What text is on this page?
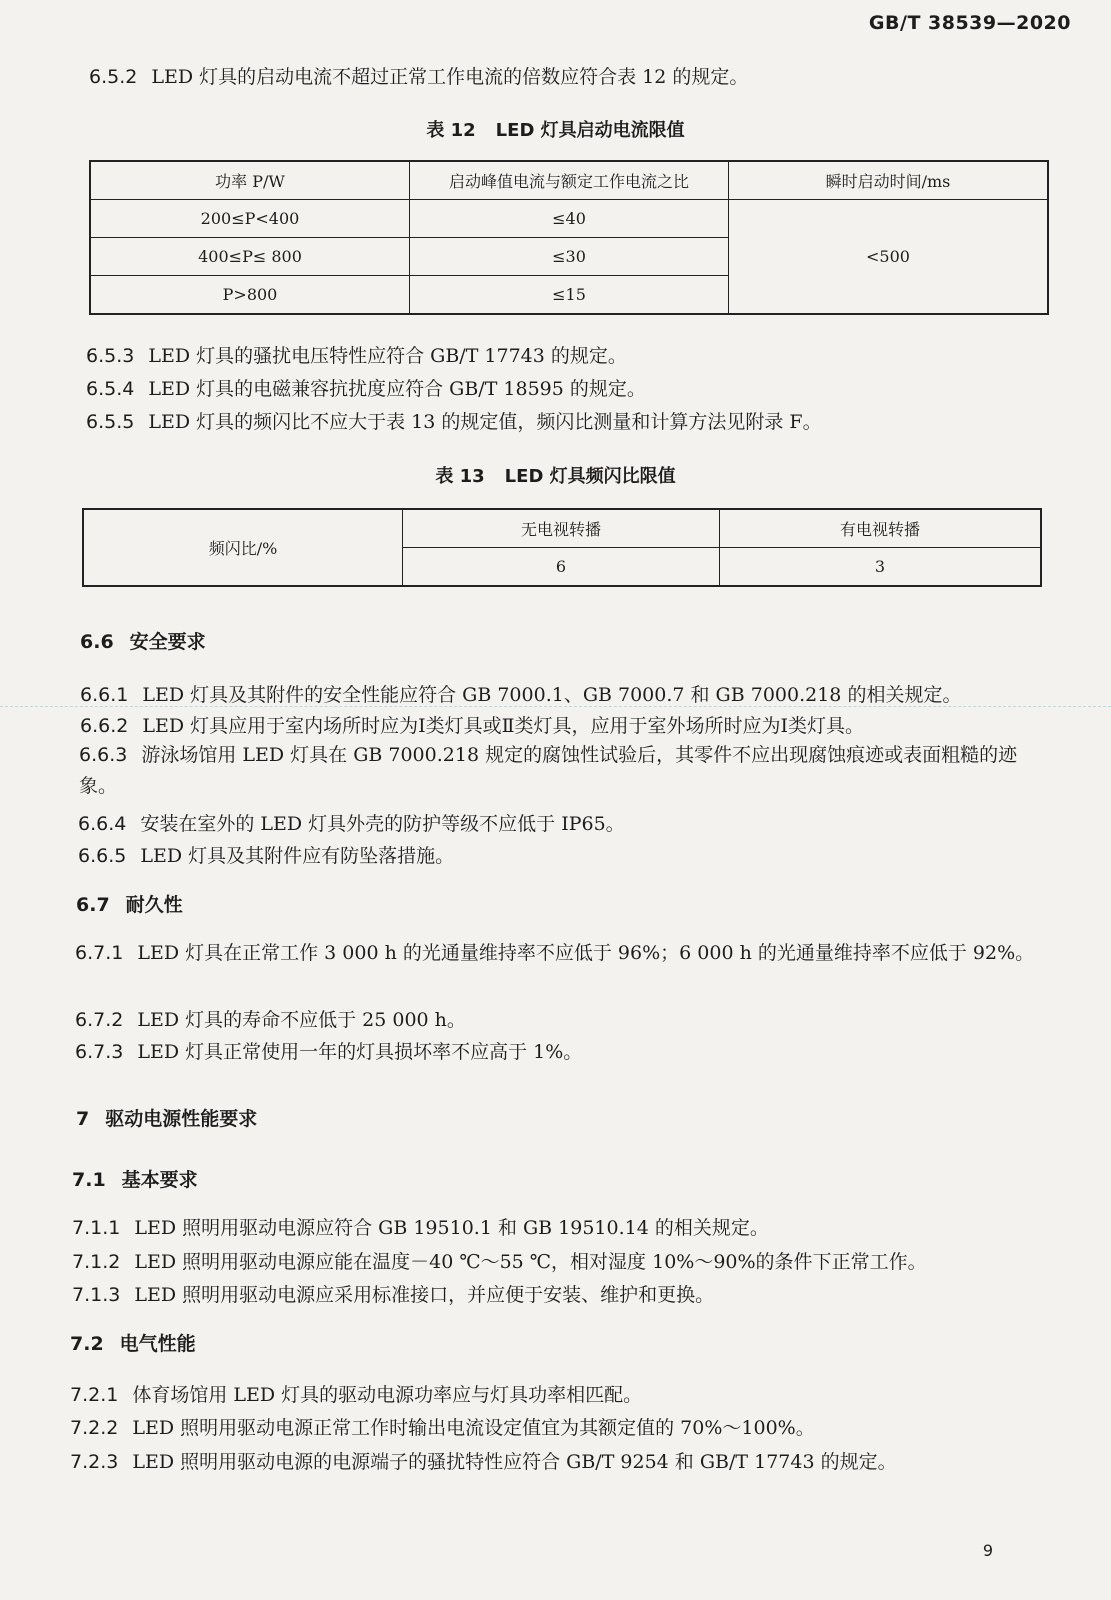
GB/T 38539—2020
6.5.2 LED 灯具的启动电流不超过正常工作电流的倍数应符合表 12 的规定。
表 12 LED 灯具启动电流限值
功率 P/W	启动峰值电流与额定工作电流之比	瞬时启动时间/ms
200≤P<400	≤40	<500
400≤P≤ 800	≤30	
P>800	≤15	
6.5.3 LED 灯具的骚扰电压特性应符合 GB/T 17743 的规定。
6.5.4 LED 灯具的电磁兼容抗扰度应符合 GB/T 18595 的规定。
6.5.5 LED 灯具的频闪比不应大于表 13 的规定值，频闪比测量和计算方法见附录 F。
表 13 LED 灯具频闪比限值
频闪比/%	无电视转播	有电视转播
	6	3
6.6 安全要求
6.6.1 LED 灯具及其附件的安全性能应符合 GB 7000.1、GB 7000.7 和 GB 7000.218 的相关规定。
6.6.2 LED 灯具应用于室内场所时应为Ⅰ类灯具或Ⅱ类灯具，应用于室外场所时应为Ⅰ类灯具。
6.6.3 游泳场馆用 LED 灯具在 GB 7000.218 规定的腐蚀性试验后，其零件不应出现腐蚀痕迹或表面粗糙的迹象。
6.6.4 安装在室外的 LED 灯具外壳的防护等级不应低于 IP65。
6.6.5 LED 灯具及其附件应有防坠落措施。
6.7 耐久性
6.7.1 LED 灯具在正常工作 3 000 h 的光通量维持率不应低于 96%；6 000 h 的光通量维持率不应低于 92%。
6.7.2 LED 灯具的寿命不应低于 25 000 h。
6.7.3 LED 灯具正常使用一年的灯具损坏率不应高于 1%。
7 驱动电源性能要求
7.1 基本要求
7.1.1 LED 照明用驱动电源应符合 GB 19510.1 和 GB 19510.14 的相关规定。
7.1.2 LED 照明用驱动电源应能在温度－40 ℃～55 ℃，相对湿度 10%～90%的条件下正常工作。
7.1.3 LED 照明用驱动电源应采用标准接口，并应便于安装、维护和更换。
7.2 电气性能
7.2.1 体育场馆用 LED 灯具的驱动电源功率应与灯具功率相匹配。
7.2.2 LED 照明用驱动电源正常工作时输出电流设定值宜为其额定值的 70%～100%。
7.2.3 LED 照明用驱动电源的电源端子的骚扰特性应符合 GB/T 9254 和 GB/T 17743 的规定。
9
